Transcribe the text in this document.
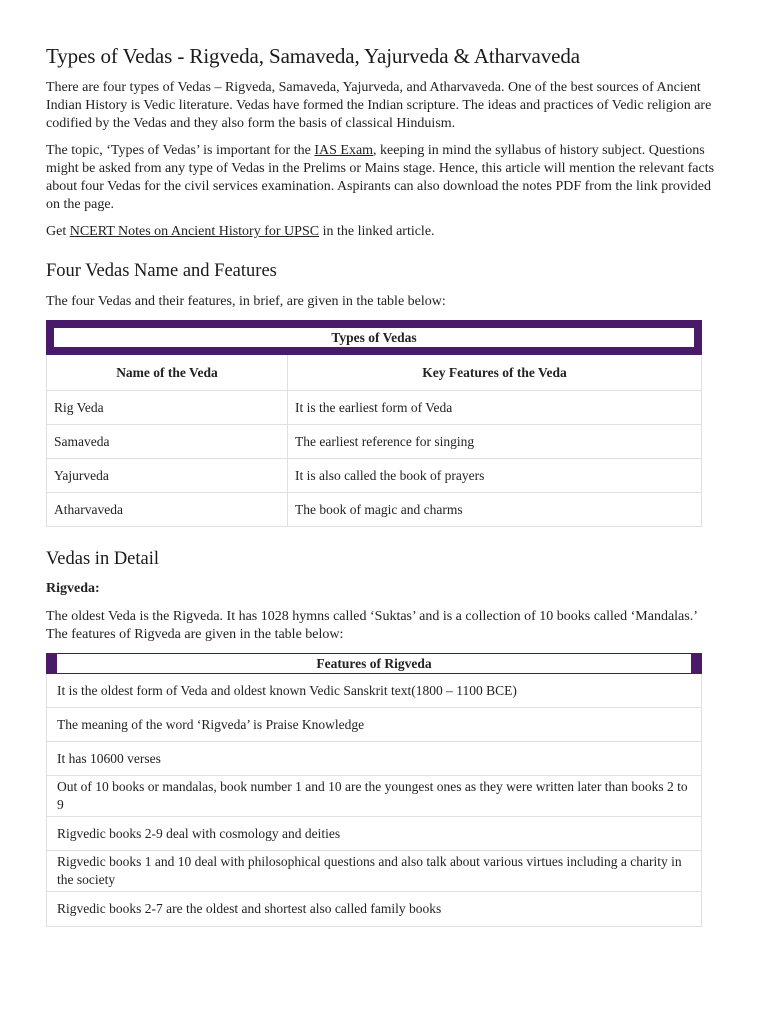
Types of Vedas - Rigveda, Samaveda, Yajurveda & Atharvaveda

There are four types of Vedas – Rigveda, Samaveda, Yajurveda, and Atharvaveda. One of the best sources of Ancient Indian History is Vedic literature. Vedas have formed the Indian scripture. The ideas and practices of Vedic religion are codified by the Vedas and they also form the basis of classical Hinduism.

The topic, ‘Types of Vedas’ is important for the IAS Exam, keeping in mind the syllabus of history subject. Questions might be asked from any type of Vedas in the Prelims or Mains stage. Hence, this article will mention the relevant facts about four Vedas for the civil services examination. Aspirants can also download the notes PDF from the link provided on the page.

Get NCERT Notes on Ancient History for UPSC in the linked article.

Four Vedas Name and Features

The four Vedas and their features, in brief, are given in the table below:

Types of Vedas	

Name of the Veda	Key Features of the Veda
Rig Veda	It is the earliest form of Veda
Samaveda	The earliest reference for singing
Yajurveda	It is also called the book of prayers
Atharvaveda	The book of magic and charms
Vedas in Detail
Rigveda:

The oldest Veda is the Rigveda. It has 1028 hymns called ‘Suktas’ and is a collection of 10 books called ‘Mandalas.’ The features of Rigveda are given in the table below:

Features of Rigveda

It is the oldest form of Veda and oldest known Vedic Sanskrit text(1800 – 1100 BCE)
The meaning of the word ‘Rigveda’ is Praise Knowledge
It has 10600 verses
Out of 10 books or mandalas, book number 1 and 10 are the youngest ones as they were written later than books 2 to 9
Rigvedic books 2-9 deal with cosmology and deities
Rigvedic books 1 and 10 deal with philosophical questions and also talk about various virtues including a charity in the society
Rigvedic books 2-7 are the oldest and shortest also called family books
